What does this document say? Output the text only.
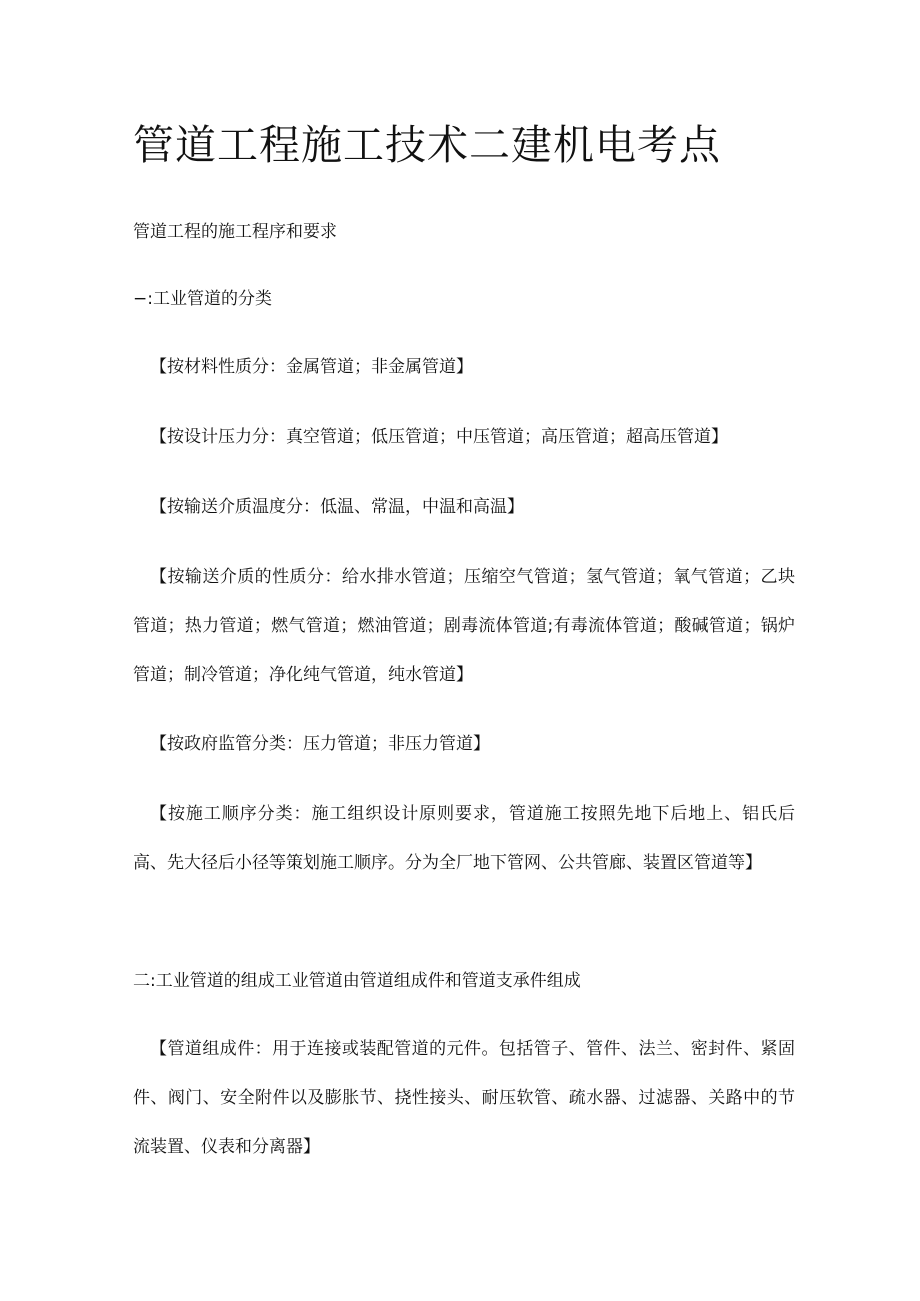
管道工程施工技术二建机电考点
管道工程的施工程序和要求
−:工业管道的分类
【按材料性质分：金属管道；非金属管道】
【按设计压力分：真空管道；低压管道；中压管道；高压管道；超高压管道】
【按输送介质温度分：低温、常温，中温和高温】
【按输送介质的性质分：给水排水管道；压缩空气管道；氢气管道；氧气管道；乙块管道；热力管道；燃气管道；燃油管道；剧毒流体管道;有毒流体管道；酸碱管道；锅炉管道；制冷管道；净化纯气管道，纯水管道】
【按政府监管分类：压力管道；非压力管道】
【按施工顺序分类：施工组织设计原则要求，管道施工按照先地下后地上、铝氏后高、先大径后小径等策划施工顺序。分为全厂地下管网、公共管廊、装置区管道等】
二:工业管道的组成工业管道由管道组成件和管道支承件组成
【管道组成件：用于连接或装配管道的元件。包括管子、管件、法兰、密封件、紧固件、阀门、安全附件以及膨胀节、挠性接头、耐压软管、疏水器、过滤器、关路中的节流装置、仪表和分离器】
